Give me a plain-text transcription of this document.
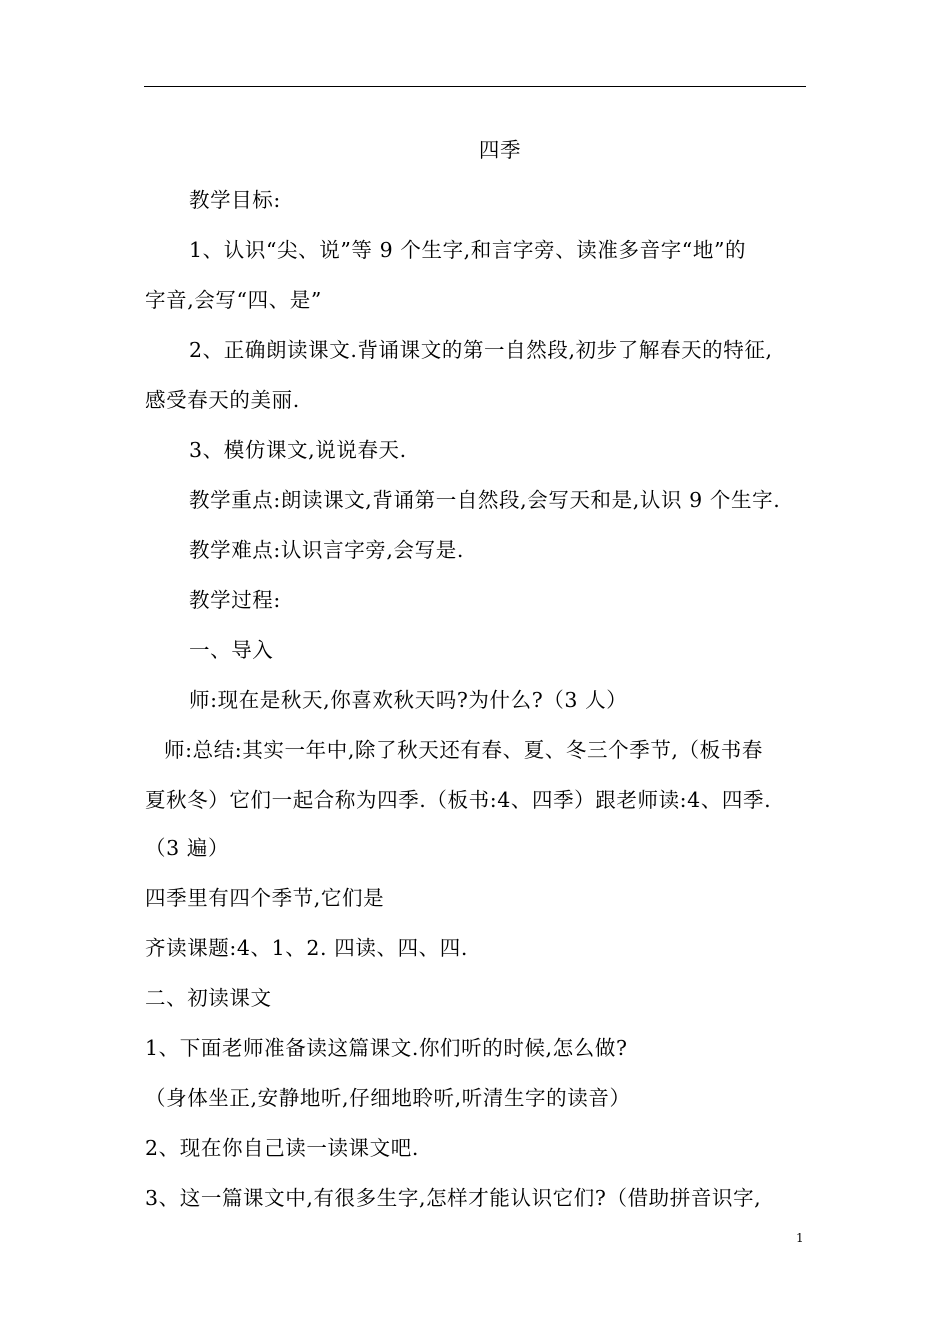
四季
教学目标:
1、认识“尖、说”等 9 个生字,和言字旁、读准多音字“地”的
字音,会写“四、是”
2、正确朗读课文.背诵课文的第一自然段,初步了解春天的特征,
感受春天的美丽.
3、模仿课文,说说春天.
教学重点:朗读课文,背诵第一自然段,会写天和是,认识 9 个生字.
教学难点:认识言字旁,会写是.
教学过程:
一、导入
师:现在是秋天,你喜欢秋天吗?为什么?（3 人）
师:总结:其实一年中,除了秋天还有春、夏、冬三个季节,（板书春
夏秋冬）它们一起合称为四季.（板书:4、四季）跟老师读:4、四季.
（3 遍）
四季里有四个季节,它们是
齐读课题:4、1、2. 四读、四、四.
二、初读课文
1、下面老师准备读这篇课文.你们听的时候,怎么做?
（身体坐正,安静地听,仔细地聆听,听清生字的读音）
2、现在你自己读一读课文吧.
3、这一篇课文中,有很多生字,怎样才能认识它们?（借助拼音识字,
1
